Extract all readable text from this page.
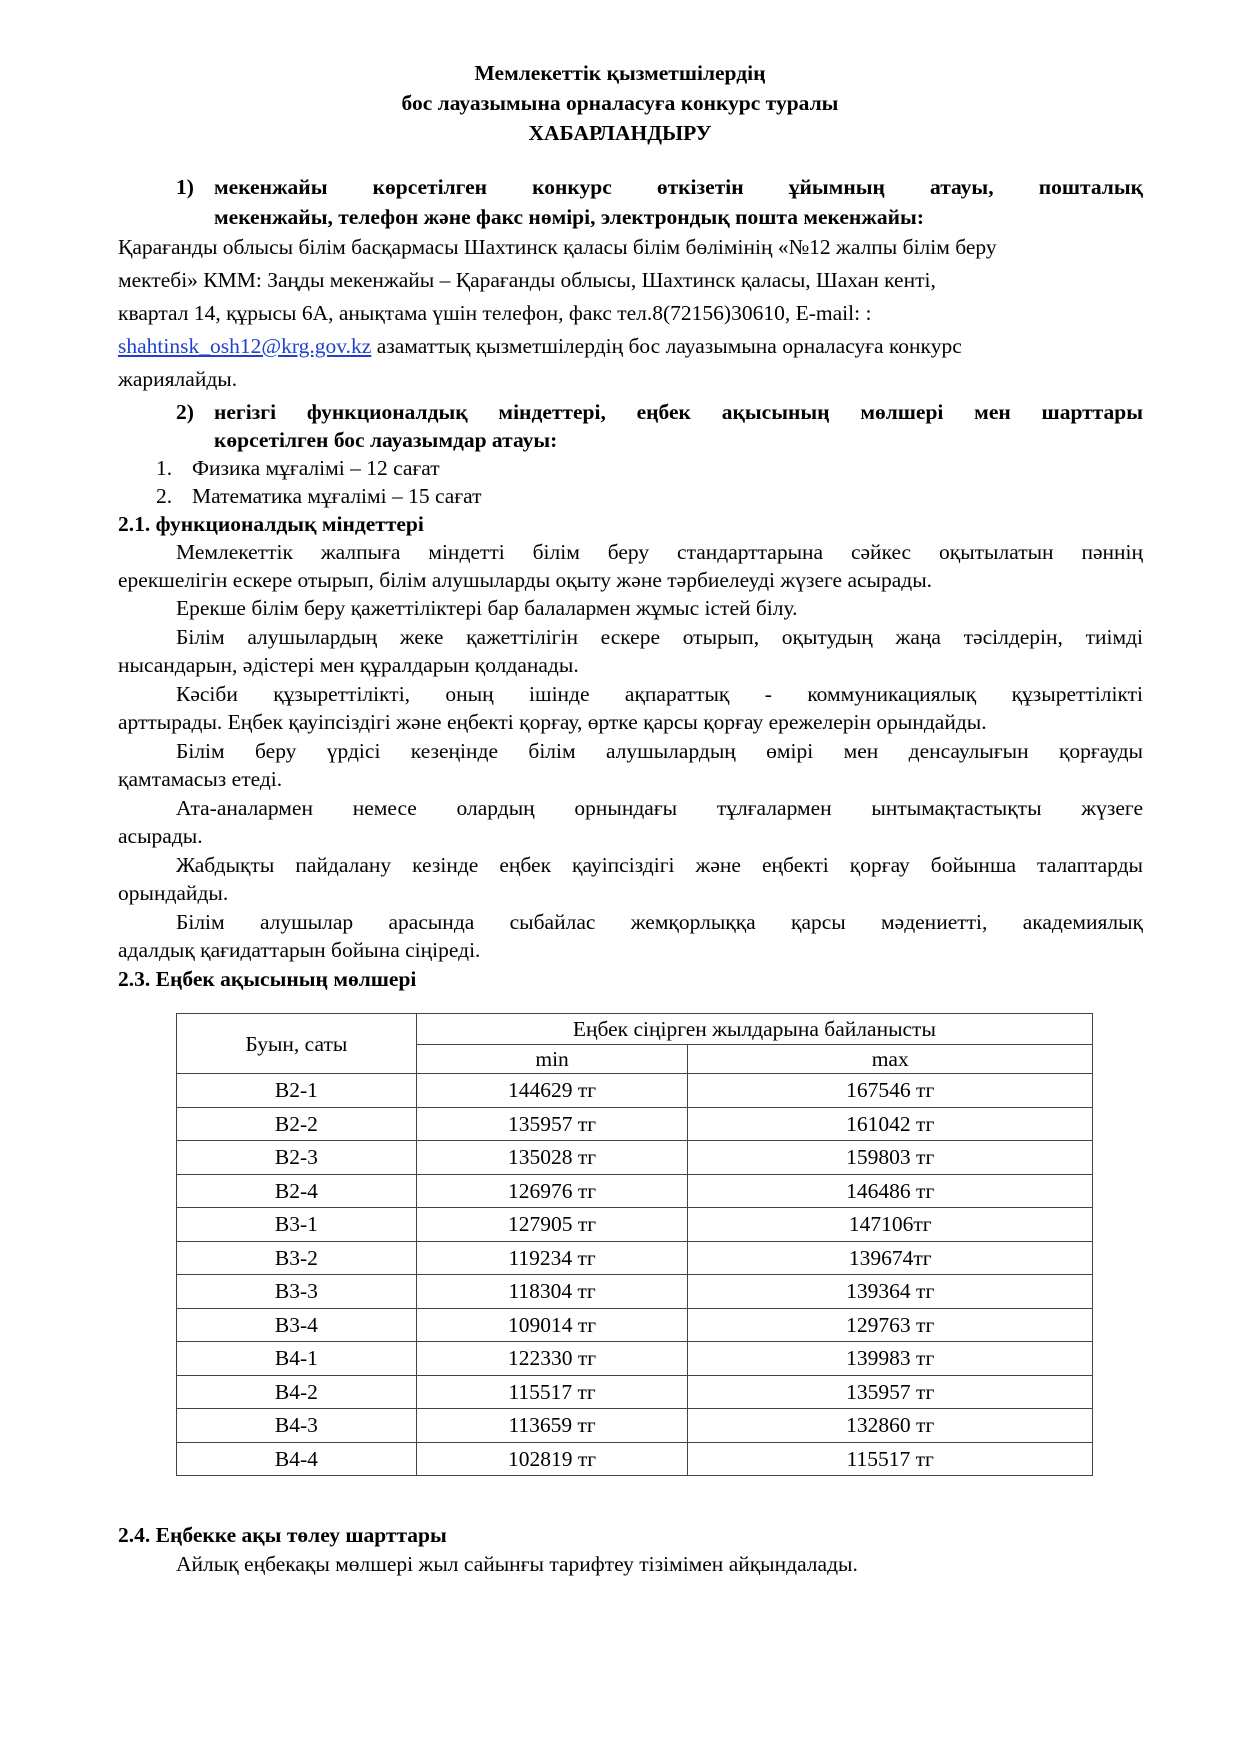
Мемлекеттік қызметшілердің
бос лауазымына орналасуға конкурс туралы
ХАБАРЛАНДЫРУ
1) мекенжайы көрсетілген конкурс өткізетін ұйымның атауы, пошталық
мекенжайы, телефон және факс нөмірі, электрондық пошта мекенжайы:
Қарағанды облысы білім басқармасы Шахтинск қаласы білім бөлімінің «№12 жалпы білім беру
мектебі» КММ: Заңды мекенжайы – Қарағанды облысы, Шахтинск қаласы, Шахан кенті,
квартал 14, құрысы 6А, анықтама үшін телефон, факс тел.8(72156)30610, E-mail: :
shahtinsk_osh12@krg.gov.kz азаматтық қызметшілердің бос лауазымына орналасуға конкурс
жариялайды.
2) негізгі функционалдық міндеттері, еңбек ақысының мөлшері мен шарттары
көрсетілген бос лауазымдар атауы:
1. Физика мұғалімі – 12 сағат
2. Математика мұғалімі – 15 сағат
2.1. функционалдық міндеттері
Мемлекеттік жалпыға міндетті білім беру стандарттарына сәйкес оқытылатын пәннің
ерекшелігін ескере отырып, білім алушыларды оқыту және тәрбиелеуді жүзеге асырады.
Ерекше білім беру қажеттіліктері бар балалармен жұмыс істей білу.
Білім алушылардың жеке қажеттілігін ескере отырып, оқытудың жаңа тәсілдерін, тиімді
нысандарын, әдістері мен құралдарын қолданады.
Кәсіби құзыреттілікті, оның ішінде ақпараттық - коммуникациялық құзыреттілікті
арттырады. Еңбек қауіпсіздігі және еңбекті қорғау, өртке қарсы қорғау ережелерін орындайды.
Білім беру үрдісі кезеңінде білім алушылардың өмірі мен денсаулығын қорғауды
қамтамасыз етеді.
Ата-аналармен немесе олардың орнындағы тұлғалармен ынтымақтастықты жүзеге
асырады.
Жабдықты пайдалану кезінде еңбек қауіпсіздігі және еңбекті қорғау бойынша талаптарды
орындайды.
Білім алушылар арасында сыбайлас жемқорлыққа қарсы мәдениетті, академиялық
адалдық қағидаттарын бойына сіңіреді.
2.3. Еңбек ақысының мөлшері
Буын, саты	Еңбек сіңірген жылдарына байланысты	
	min	max
В2-1	144629 тг	167546 тг
В2-2	135957 тг	161042 тг
В2-3	135028 тг	159803 тг
В2-4	126976 тг	146486 тг
В3-1	127905 тг	147106тг
В3-2	119234 тг	139674тг
В3-3	118304 тг	139364 тг
В3-4	109014 тг	129763 тг
В4-1	122330 тг	139983 тг
В4-2	115517 тг	135957 тг
В4-3	113659 тг	132860 тг
В4-4	102819 тг	115517 тг
2.4. Еңбекке ақы төлеу шарттары
Айлық еңбекақы мөлшері жыл сайынғы тарифтеу тізімімен айқындалады.
